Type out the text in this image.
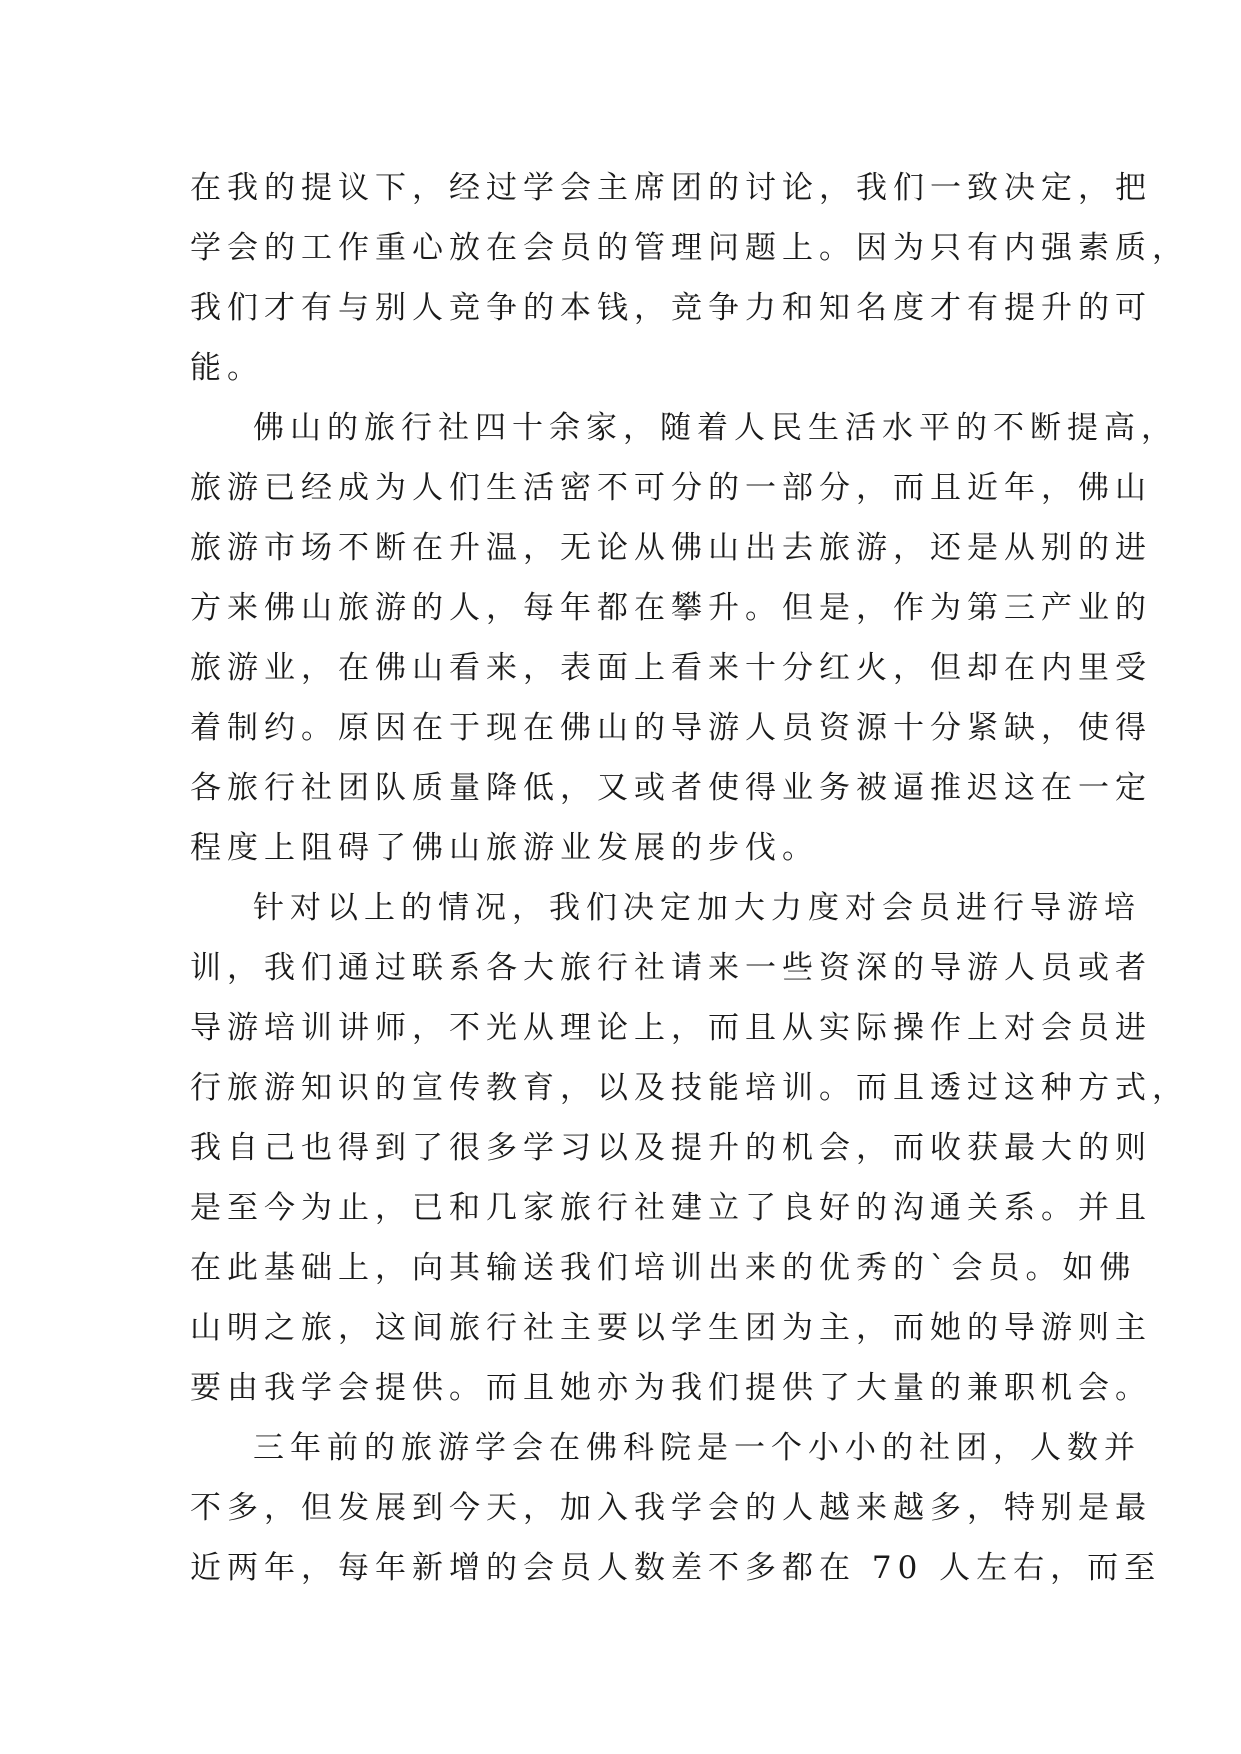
在我的提议下，经过学会主席团的讨论，我们一致决定，把
学会的工作重心放在会员的管理问题上。因为只有内强素质，
我们才有与别人竞争的本钱，竞争力和知名度才有提升的可
能。
佛山的旅行社四十余家，随着人民生活水平的不断提高，
旅游已经成为人们生活密不可分的一部分，而且近年，佛山
旅游市场不断在升温，无论从佛山出去旅游，还是从别的进
方来佛山旅游的人，每年都在攀升。但是，作为第三产业的
旅游业，在佛山看来，表面上看来十分红火，但却在内里受
着制约。原因在于现在佛山的导游人员资源十分紧缺，使得
各旅行社团队质量降低，又或者使得业务被逼推迟这在一定
程度上阻碍了佛山旅游业发展的步伐。
针对以上的情况，我们决定加大力度对会员进行导游培
训，我们通过联系各大旅行社请来一些资深的导游人员或者
导游培训讲师，不光从理论上，而且从实际操作上对会员进
行旅游知识的宣传教育，以及技能培训。而且透过这种方式，
我自己也得到了很多学习以及提升的机会，而收获最大的则
是至今为止，已和几家旅行社建立了良好的沟通关系。并且
在此基础上，向其输送我们培训出来的优秀的`会员。如佛
山明之旅，这间旅行社主要以学生团为主，而她的导游则主
要由我学会提供。而且她亦为我们提供了大量的兼职机会。
三年前的旅游学会在佛科院是一个小小的社团，人数并
不多，但发展到今天，加入我学会的人越来越多，特别是最
近两年，每年新增的会员人数差不多都在 70 人左右，而至
